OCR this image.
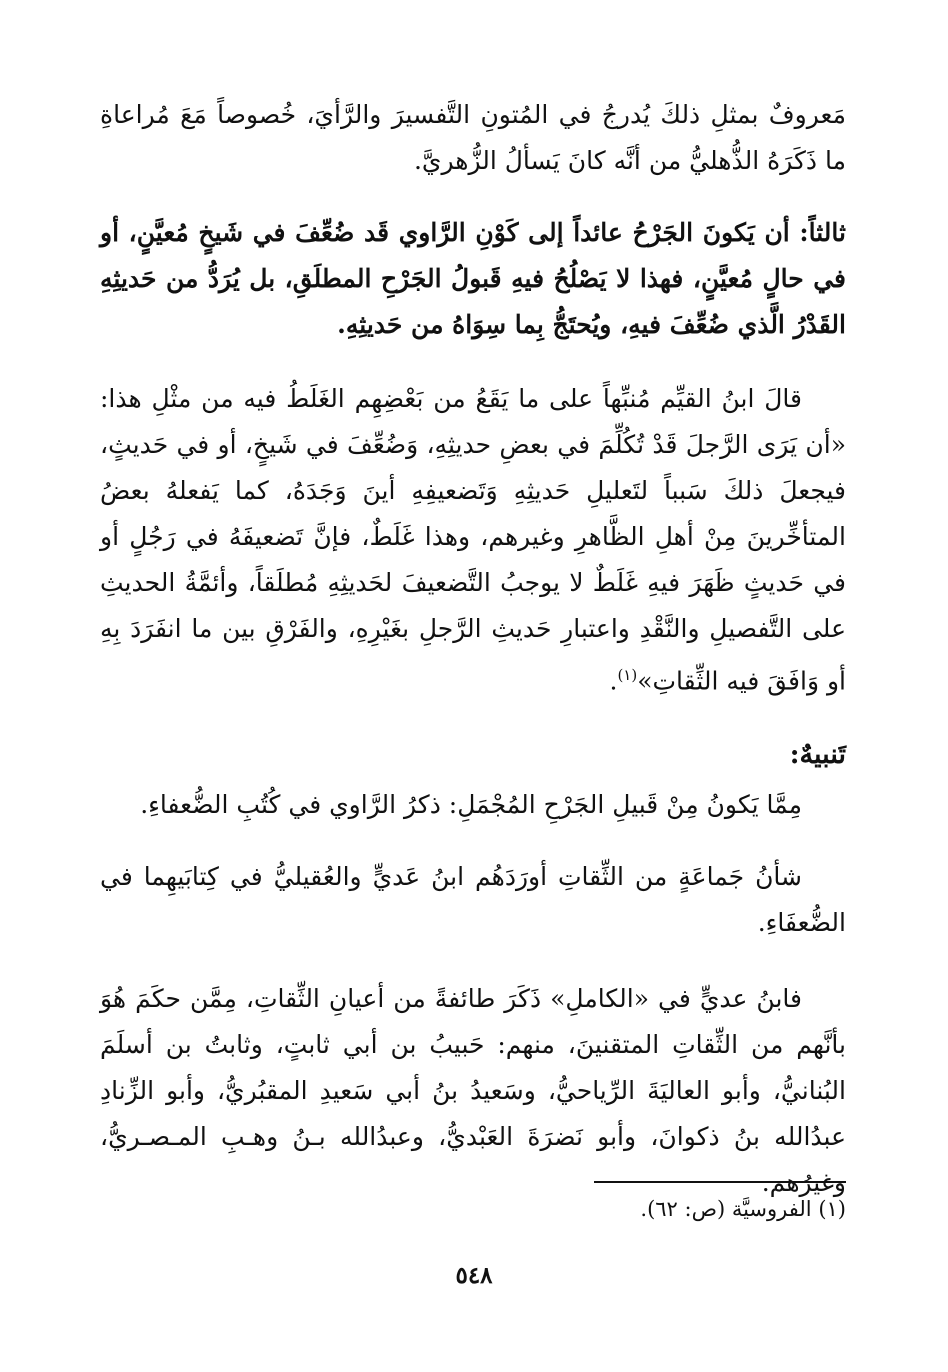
مَعروفٌ بمثلِ ذلكَ يُدرجُ في المُتونِ التَّفسيرَ والرَّأيَ، خُصوصاً مَعَ مُراعاةِ ما ذَكَرَهُ الذُّهليُّ من أنَّه كانَ يَسألُ الزُّهريَّ.

ثالثاً: أن يَكونَ الجَرْحُ عائداً إلى كَوْنِ الرَّاوي قَد ضُعِّفَ في شَيخٍ مُعيَّنٍ، أو في حالٍ مُعيَّنٍ، فهذا لا يَصْلُحُ فيهِ قَبولُ الجَرْحِ المطلَقِ، بل يُرَدُّ من حَديثِهِ القَدْرُ الَّذي ضُعِّفَ فيهِ، ويُحتَجُّ بِما سِوَاهُ من حَديثِهِ.

قالَ ابنُ القيِّم مُنبِّهاً على ما يَقَعُ من بَعْضِهِم الغَلَطُ فيه من مثْلِ هذا: «أن يَرَى الرَّجلَ قَدْ تُكُلِّمَ في بعضِ حديثِهِ، وَضُعِّفَ في شَيخٍ، أو في حَديثٍ، فيجعلَ ذلكَ سَبباً لتَعليلِ حَديثِهِ وَتَضعيفِهِ أينَ وَجَدَهُ، كما يَفعلهُ بعضُ المتأخِّرينَ مِنْ أهلِ الظَّاهرِ وغيرهم، وهذا غَلَطٌ، فإنَّ تَضعيفَهُ في رَجُلٍ أو في حَديثٍ ظَهَرَ فيهِ غَلَطٌ لا يوجبُ التَّضعيفَ لحَديثِهِ مُطلَقاً، وأئمَّةُ الحديثِ على التَّفصيلِ والنَّقْدِ واعتبارِ حَديثِ الرَّجلِ بغَيْرِهِ، والفَرْقِ بين ما انفَرَدَ بِهِ أو وَافَقَ فيه الثِّقاتِ»$^{(١)}$.

تَنبيهٌ:

مِمَّا يَكونُ مِنْ قَبيلِ الجَرْحِ المُجْمَلِ: ذكرُ الرَّاوي في كُتُبِ الضُّعفاءِ.

شأنُ جَماعَةٍ من الثِّقاتِ أورَدَهُم ابنُ عَديٍّ والعُقيليُّ في كِتابَيهِما في الضُّعفَاءِ.

فابنُ عديٍّ في «الكاملِ» ذَكَرَ طائفةً من أعيانِ الثِّقاتِ، مِمَّن حكَمَ هُوَ بأنَّهم من الثِّقاتِ المتقنينَ، منهم: حَبيبُ بن أبي ثابتٍ، وثابتُ بن أسلَمَ البُنانيُّ، وأبو العاليَةَ الرِّياحيُّ، وسَعيدُ بنُ أبي سَعيدِ المقبُريُّ، وأبو الزِّنادِ عبدُالله بنُ ذكوانَ، وأبو نَضرَةَ العَبْديُّ، وعبدُالله بـنُ وهـبِ المـصـريُّ، وغيرُهم.

(١) الفروسيَّة (ص: ٦٢).
٥٤٨
